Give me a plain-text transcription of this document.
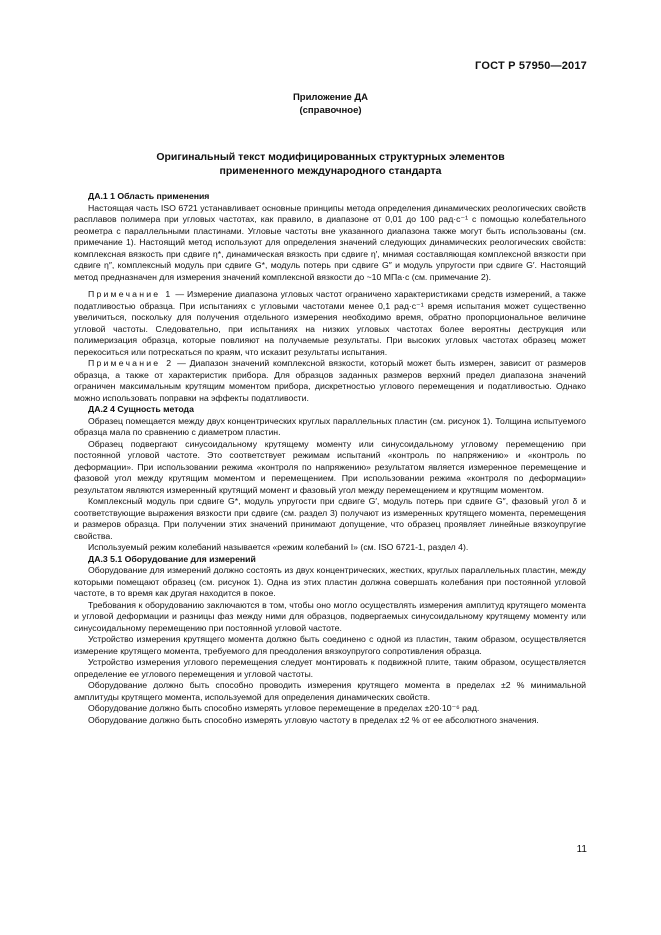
ГОСТ Р 57950—2017
Приложение ДА
(справочное)
Оригинальный текст модифицированных структурных элементов
примененного международного стандарта
ДА.1 1 Область применения

Настоящая часть ISO 6721 устанавливает основные принципы метода определения динамических реологических свойств расплавов полимера при угловых частотах, как правило, в диапазоне от 0,01 до 100 рад·с⁻¹ с помощью колебательного реометра с параллельными пластинами. Угловые частоты вне указанного диапазона также могут быть использованы (см. примечание 1). Настоящий метод используют для определения значений следующих динамических реологических свойств: комплексная вязкость при сдвиге η*, динамическая вязкость при сдвиге η′, мнимая составляющая комплексной вязкости при сдвиге η″, комплексный модуль при сдвиге G*, модуль потерь при сдвиге G″ и модуль упругости при сдвиге G′. Настоящий метод предназначен для измерения значений комплексной вязкости до ~10 МПа·с (см. примечание 2).

Примечание 1 — Измерение диапазона угловых частот ограничено характеристиками средств измерений, а также податливостью образца. При испытаниях с угловыми частотами менее 0,1 рад·с⁻¹ время испытания может существенно увеличиться, поскольку для получения отдельного измерения необходимо время, обратно пропорциональное величине угловой частоты. Следовательно, при испытаниях на низких угловых частотах более вероятны деструкция или полимеризация образца, которые повлияют на получаемые результаты. При высоких угловых частотах образец может перекоситься или потрескаться по краям, что исказит результаты испытания.

Примечание 2 — Диапазон значений комплексной вязкости, который может быть измерен, зависит от размеров образца, а также от характеристик прибора. Для образцов заданных размеров верхний предел диапазона значений ограничен максимальным крутящим моментом прибора, дискретностью углового перемещения и податливостью. Однако можно использовать поправки на эффекты податливости.

ДА.2 4 Сущность метода

Образец помещается между двух концентрических круглых параллельных пластин (см. рисунок 1). Толщина испытуемого образца мала по сравнению с диаметром пластин.

Образец подвергают синусоидальному крутящему моменту или синусоидальному угловому перемещению при постоянной угловой частоте. Это соответствует режимам испытаний «контроль по напряжению» и «контроль по деформации». При использовании режима «контроля по напряжению» результатом является измеренное перемещение и фазовой угол между крутящим моментом и перемещением. При использовании режима «контроля по деформации» результатом являются измеренный крутящий момент и фазовый угол между перемещением и крутящим моментом.

Комплексный модуль при сдвиге G*, модуль упругости при сдвиге G′, модуль потерь при сдвиге G″, фазовый угол δ и соответствующие выражения вязкости при сдвиге (см. раздел 3) получают из измеренных крутящего момента, перемещения и размеров образца. При получении этих значений принимают допущение, что образец проявляет линейные вязкоупругие свойства.

Используемый режим колебаний называется «режим колебаний I» (см. ISO 6721-1, раздел 4).

ДА.3 5.1 Оборудование для измерений

Оборудование для измерений должно состоять из двух концентрических, жестких, круглых параллельных пластин, между которыми помещают образец (см. рисунок 1). Одна из этих пластин должна совершать колебания при постоянной угловой частоте, в то время как другая находится в покое.

Требования к оборудованию заключаются в том, чтобы оно могло осуществлять измерения амплитуд крутящего момента и угловой деформации и разницы фаз между ними для образцов, подвергаемых синусоидальному крутящему моменту или синусоидальному перемещению при постоянной угловой частоте.

Устройство измерения крутящего момента должно быть соединено с одной из пластин, таким образом, осуществляется измерение крутящего момента, требуемого для преодоления вязкоупругого сопротивления образца.

Устройство измерения углового перемещения следует монтировать к подвижной плите, таким образом, осуществляется определение ее углового перемещения и угловой частоты.

Оборудование должно быть способно проводить измерения крутящего момента в пределах ±2 % минимальной амплитуды крутящего момента, используемой для определения динамических свойств.

Оборудование должно быть способно измерять угловое перемещение в пределах ±20·10⁻⁶ рад.

Оборудование должно быть способно измерять угловую частоту в пределах ±2 % от ее абсолютного значения.

11
